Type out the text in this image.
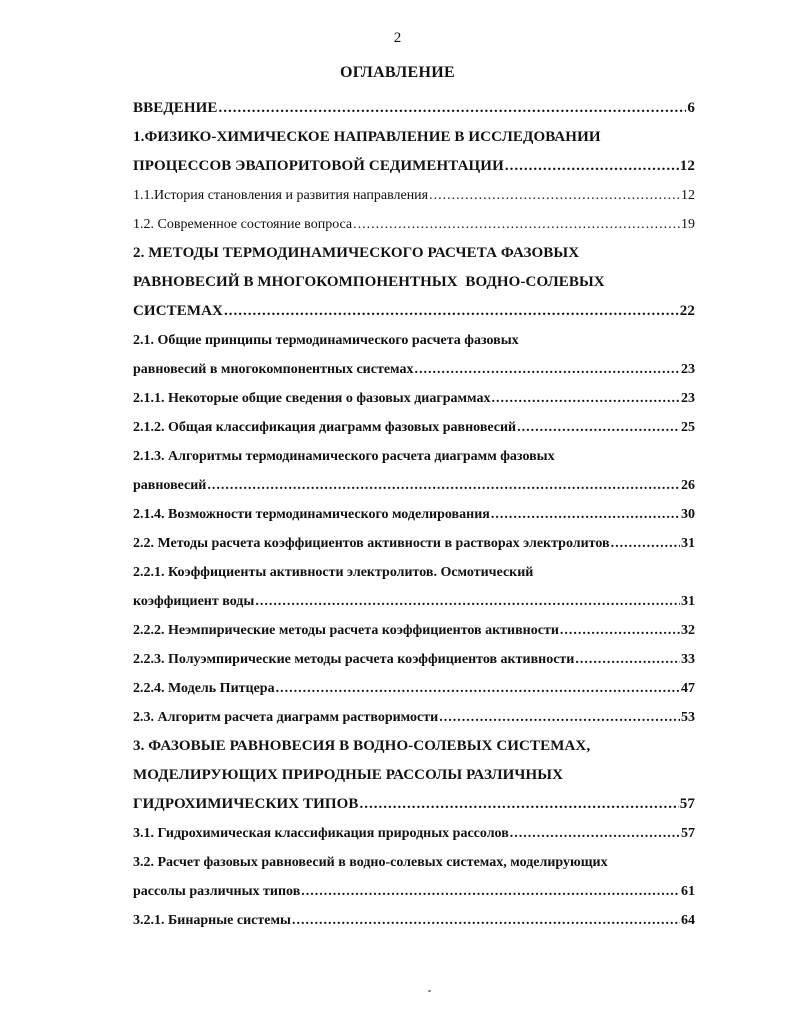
2
ОГЛАВЛЕНИЕ
ВВЕДЕНИЕ .....	6
1.ФИЗИКО-ХИМИЧЕСКОЕ НАПРАВЛЕНИЕ В ИССЛЕДОВАНИИ
ПРОЦЕССОВ ЭВАПОРИТОВОЙ СЕДИМЕНТАЦИИ .....	12
1.1.История становления и развития направления .....	12
1.2. Современное состояние вопроса .....	19
2. МЕТОДЫ ТЕРМОДИНАМИЧЕСКОГО РАСЧЕТА ФАЗОВЫХ
РАВНОВЕСИЙ В МНОГОКОМПОНЕНТНЫХ  ВОДНО-СОЛЕВЫХ
СИСТЕМАХ .....	22
2.1. Общие принципы термодинамического расчета фазовых
равновесий в многокомпонентных системах .....	23
2.1.1. Некоторые общие сведения о фазовых диаграммах .....	23
2.1.2. Общая классификация диаграмм фазовых равновесий .....	25
2.1.3. Алгоритмы термодинамического расчета диаграмм фазовых
равновесий .....	26
2.1.4. Возможности термодинамического моделирования .....	30
2.2. Методы расчета коэффициентов активности в растворах электролитов .....	31
2.2.1. Коэффициенты активности электролитов. Осмотический
коэффициент воды .....	31
2.2.2. Неэмпирические методы расчета коэффициентов активности .....	32
2.2.3. Полуэмпирические методы расчета коэффициентов активности .....	33
2.2.4. Модель Питцера .....	47
2.3. Алгоритм расчета диаграмм растворимости .....	53
3. ФАЗОВЫЕ РАВНОВЕСИЯ В ВОДНО-СОЛЕВЫХ СИСТЕМАХ,
МОДЕЛИРУЮЩИХ ПРИРОДНЫЕ РАССОЛЫ РАЗЛИЧНЫХ
ГИДРОХИМИЧЕСКИХ ТИПОВ .....	57
3.1. Гидрохимическая классификация природных рассолов .....	57
3.2. Расчет фазовых равновесий в водно-солевых системах, моделирующих
рассолы различных типов .....	61
3.2.1. Бинарные системы .....	64
